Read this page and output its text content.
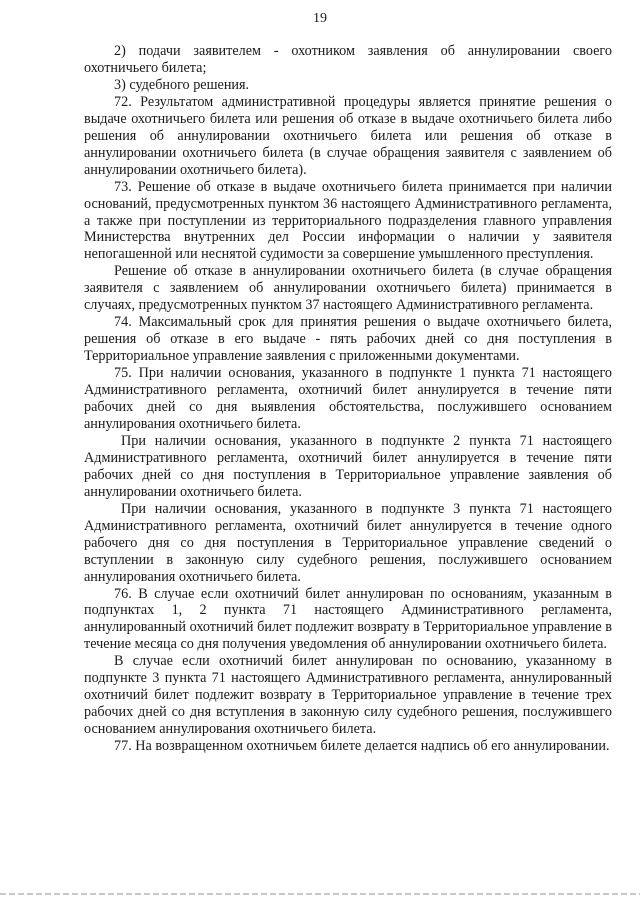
19

2) подачи заявителем - охотником заявления об аннулировании своего охотничьего билета;

3) судебного решения.

72. Результатом административной процедуры является принятие решения о выдаче охотничьего билета или решения об отказе в выдаче охотничьего билета либо решения об аннулировании охотничьего билета или решения об отказе в аннулировании охотничьего билета (в случае обращения заявителя с заявлением об аннулировании охотничьего билета).

73. Решение об отказе в выдаче охотничьего билета принимается при наличии оснований, предусмотренных пунктом 36 настоящего Административного регламента, а также при поступлении из территориального подразделения главного управления Министерства внутренних дел России информации о наличии у заявителя непогашенной или неснятой судимости за совершение умышленного преступления.

Решение об отказе в аннулировании охотничьего билета (в случае обращения заявителя с заявлением об аннулировании охотничьего билета) принимается в случаях, предусмотренных пунктом 37 настоящего Административного регламента.

74. Максимальный срок для принятия решения о выдаче охотничьего билета, решения об отказе в его выдаче - пять рабочих дней со дня поступления в Территориальное управление заявления с приложенными документами.

75. При наличии основания, указанного в подпункте 1 пункта 71 настоящего Административного регламента, охотничий билет аннулируется в течение пяти рабочих дней со дня выявления обстоятельства, послужившего основанием аннулирования охотничьего билета.

При наличии основания, указанного в подпункте 2 пункта 71 настоящего Административного регламента, охотничий билет аннулируется в течение пяти рабочих дней со дня поступления в Территориальное управление заявления об аннулировании охотничьего билета.

При наличии основания, указанного в подпункте 3 пункта 71 настоящего Административного регламента, охотничий билет аннулируется в течение одного рабочего дня со дня поступления в Территориальное управление сведений о вступлении в законную силу судебного решения, послужившего основанием аннулирования охотничьего билета.

76. В случае если охотничий билет аннулирован по основаниям, указанным в подпунктах 1, 2 пункта 71 настоящего Административного регламента, аннулированный охотничий билет подлежит возврату в Территориальное управление в течение месяца со дня получения уведомления об аннулировании охотничьего билета.

В случае если охотничий билет аннулирован по основанию, указанному в подпункте 3 пункта 71 настоящего Административного регламента, аннулированный охотничий билет подлежит возврату в Территориальное управление в течение трех рабочих дней со дня вступления в законную силу судебного решения, послужившего основанием аннулирования охотничьего билета.

77. На возвращенном охотничьем билете делается надпись об его аннулировании.
